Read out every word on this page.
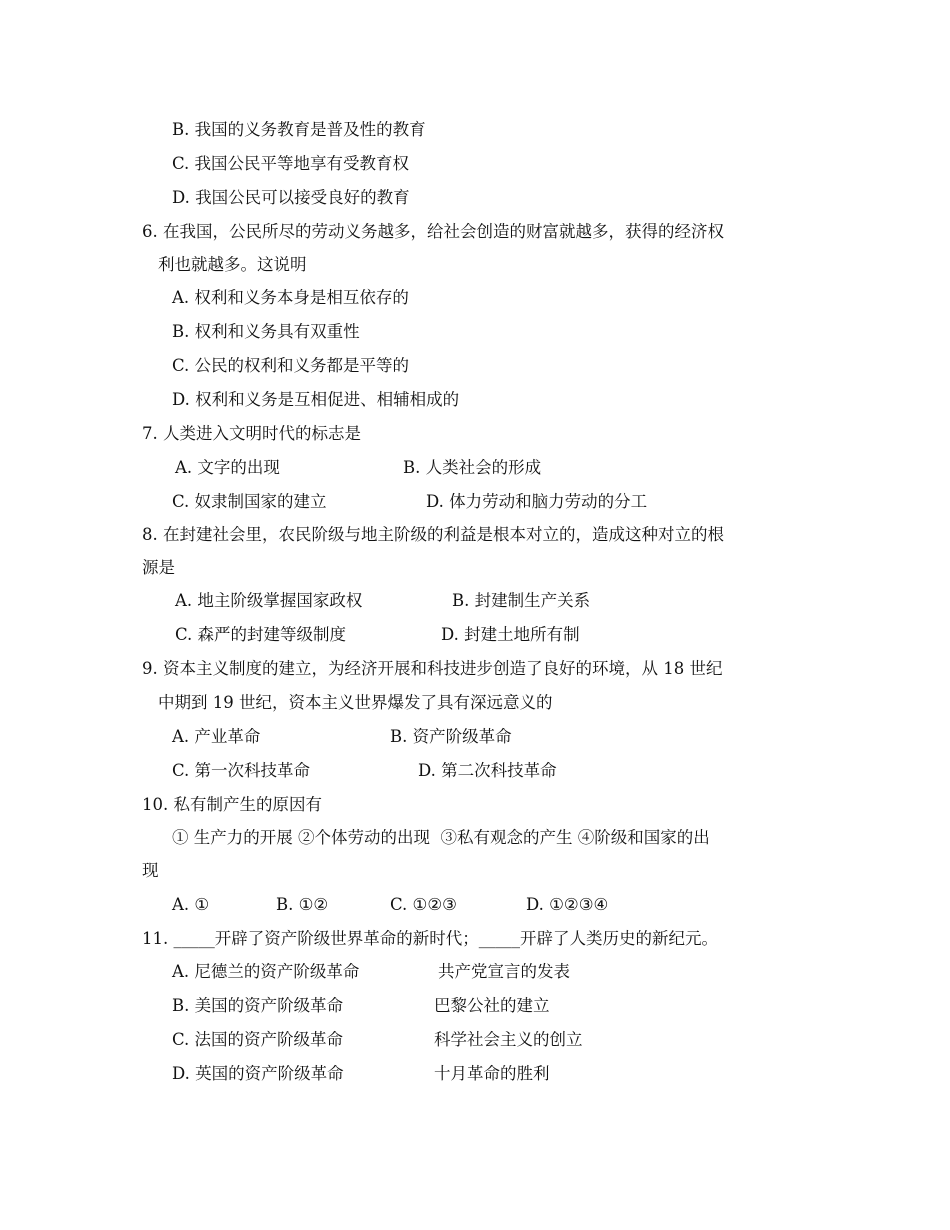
B. 我国的义务教育是普及性的教育
C. 我国公民平等地享有受教育权
D. 我国公民可以接受良好的教育
6. 在我国，公民所尽的劳动义务越多，给社会创造的财富就越多，获得的经济权
利也就越多。这说明
A. 权利和义务本身是相互依存的
B. 权利和义务具有双重性
C. 公民的权利和义务都是平等的
D. 权利和义务是互相促进、相辅相成的
7. 人类进入文明时代的标志是
A. 文字的出现	B. 人类社会的形成
C. 奴隶制国家的建立	D. 体力劳动和脑力劳动的分工
8. 在封建社会里，农民阶级与地主阶级的利益是根本对立的，造成这种对立的根
源是
A. 地主阶级掌握国家政权	B. 封建制生产关系
C. 森严的封建等级制度	D. 封建土地所有制
9. 资本主义制度的建立，为经济开展和科技进步创造了良好的环境，从 18 世纪
中期到 19 世纪，资本主义世界爆发了具有深远意义的
A. 产业革命	B. 资产阶级革命
C. 第一次科技革命	D. 第二次科技革命
10. 私有制产生的原因有
① 生产力的开展 ②个体劳动的出现  ③私有观念的产生 ④阶级和国家的出
现
A. ①	B. ①②	C. ①②③	D. ①②③④
11. _____开辟了资产阶级世界革命的新时代；_____开辟了人类历史的新纪元。
A. 尼德兰的资产阶级革命	共产党宣言的发表
B. 美国的资产阶级革命	巴黎公社的建立
C. 法国的资产阶级革命	科学社会主义的创立
D. 英国的资产阶级革命	十月革命的胜利
